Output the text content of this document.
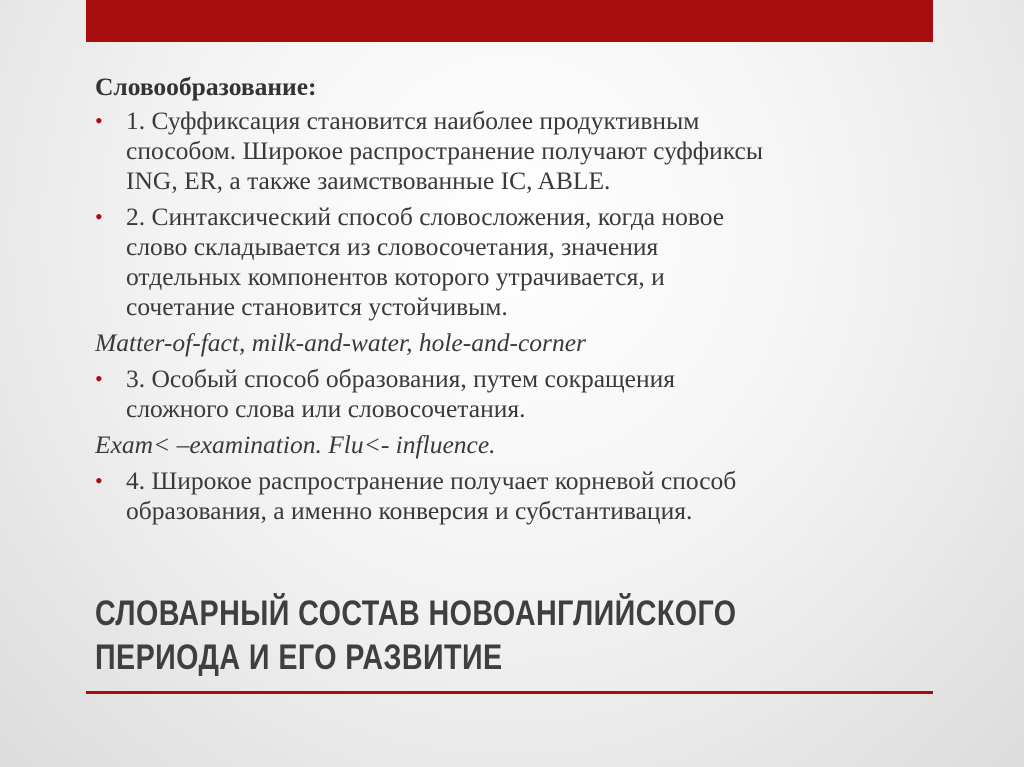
Словообразование:
• 1. Суффиксация становится наиболее продуктивным
способом. Широкое распространение получают суффиксы
ING, ER, а также заимствованные IC, ABLE.
• 2. Синтаксический способ словосложения, когда новое
слово складывается из словосочетания, значения
отдельных компонентов которого утрачивается, и
сочетание становится устойчивым.
Matter-of-fact, milk-and-water, hole-and-corner
• 3. Особый способ образования, путем сокращения
сложного слова или словосочетания.
Exam< –examination. Flu<- influence.
• 4. Широкое распространение получает корневой способ
образования, а именно конверсия и субстантивация.
СЛОВАРНЫЙ СОСТАВ НОВОАНГЛИЙСКОГО
ПЕРИОДА И ЕГО РАЗВИТИЕ
